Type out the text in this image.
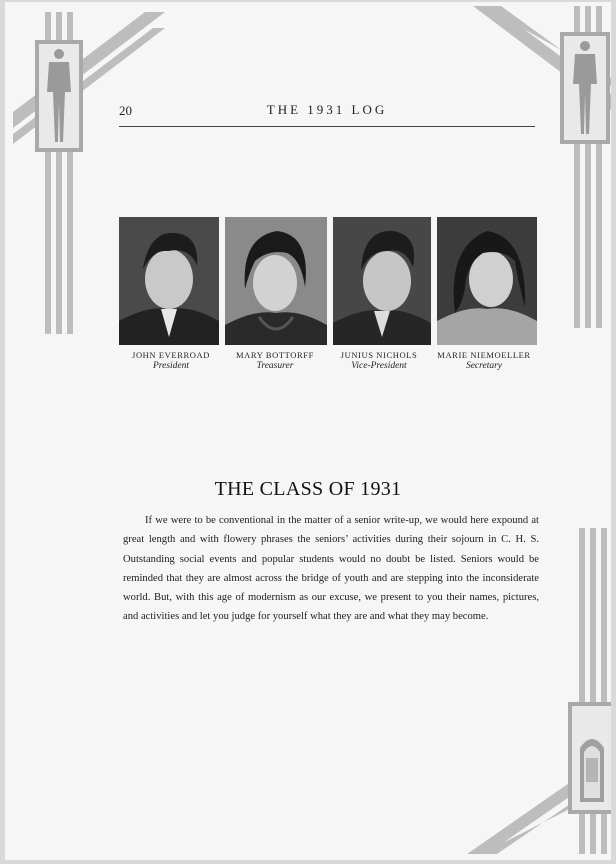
20	THE 1931 LOG
JOHN EVERROAD
President
MARY BOTTORFF
Treasurer
JUNIUS NICHOLS
Vice-President
MARIE NIEMOELLER
Secretary
THE CLASS OF 1931

If we were to be conventional in the matter of a senior write-up, we would here expound at great length and with flowery phrases the seniors’ activities during their sojourn in C. H. S. Outstanding social events and popular students would no doubt be listed. Seniors would be reminded that they are almost across the bridge of youth and are stepping into the inconsiderate world. But, with this age of modernism as our excuse, we present to you their names, pictures, and activities and let you judge for yourself what they are and what they may become.
